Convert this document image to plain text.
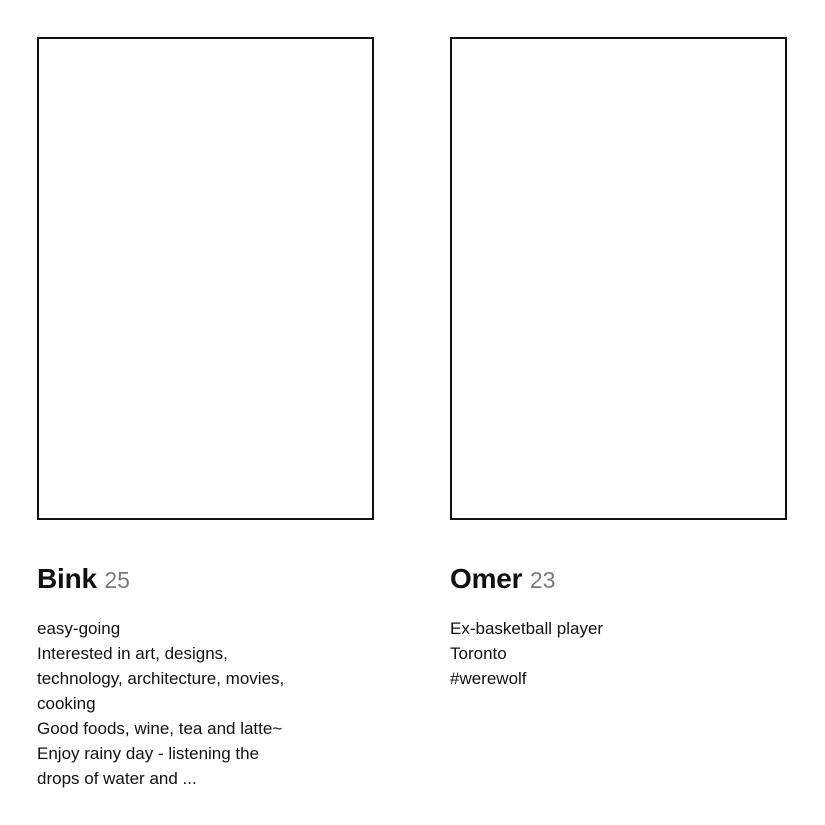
Bink 25
easy-going
Interested in art, designs,
technology, architecture, movies,
cooking
Good foods, wine, tea and latte~
Enjoy rainy day - listening the
drops of water and ...
Omer 23
Ex-basketball player
Toronto
#werewolf
